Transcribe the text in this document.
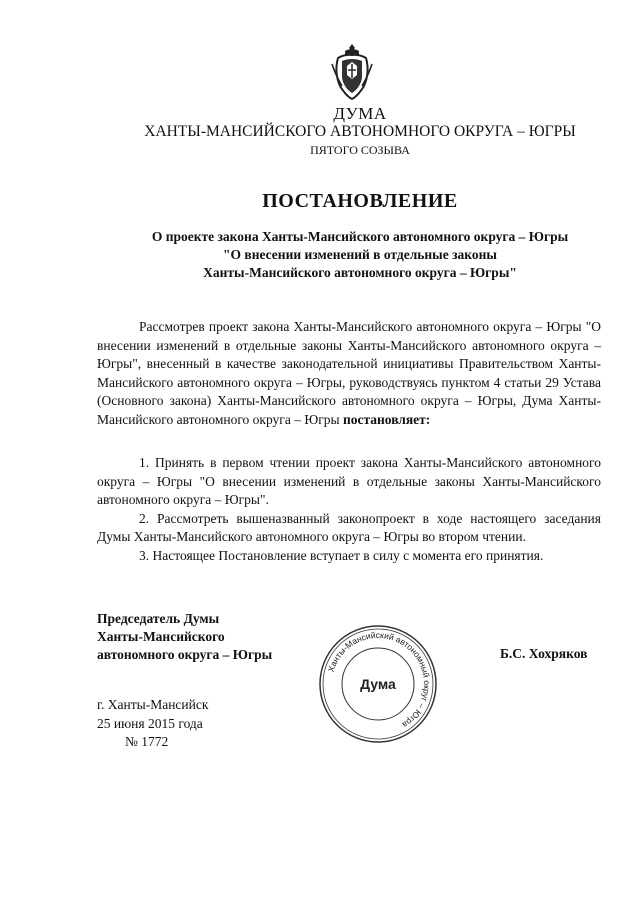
ДУМА
ХАНТЫ-МАНСИЙСКОГО АВТОНОМНОГО ОКРУГА – ЮГРЫ
ПЯТОГО СОЗЫВА
ПОСТАНОВЛЕНИЕ
О проекте закона Ханты-Мансийского автономного округа – Югры
"О внесении изменений в отдельные законы
Ханты-Мансийского автономного округа – Югры"
Рассмотрев проект закона Ханты-Мансийского автономного округа – Югры "О внесении изменений в отдельные законы Ханты-Мансийского автономного округа – Югры", внесенный в качестве законодательной инициативы Правительством Ханты-Мансийского автономного округа – Югры, руководствуясь пунктом 4 статьи 29 Устава (Основного закона) Ханты-Мансийского автономного округа – Югры, Дума Ханты-Мансийского автономного округа – Югры постановляет:
1. Принять в первом чтении проект закона Ханты-Мансийского автономного округа – Югры "О внесении изменений в отдельные законы Ханты-Мансийского автономного округа – Югры".
2. Рассмотреть вышеназванный законопроект в ходе настоящего заседания Думы Ханты-Мансийского автономного округа – Югры во втором чтении.
3. Настоящее Постановление вступает в силу с момента его принятия.
Председатель Думы
Ханты-Мансийского
автономного округа – Югры	Б.С. Хохряков
г. Ханты-Мансийск
25 июня 2015 года
№ 1772
Ханты-Мансийский автономный округ – Югра
Дума
